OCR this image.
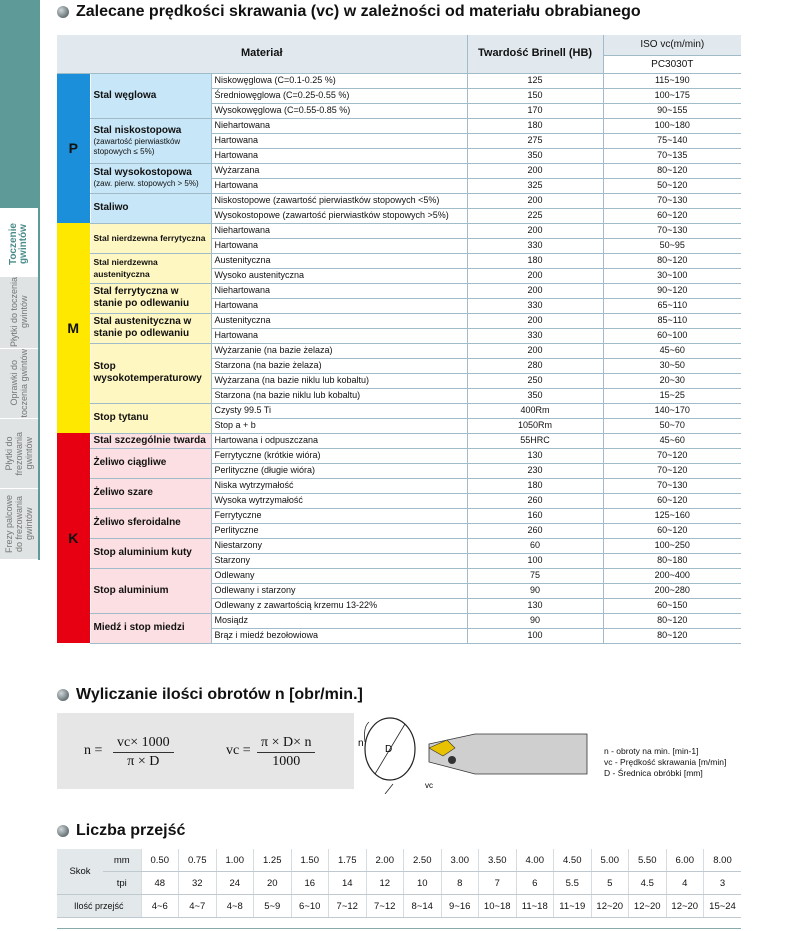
Toczenie
gwintów
Płytki do toczenia
gwintów
Oprawki do
toczenia gwintów
Płytki do
frezowania
gwintów
Frezy palcowe
do frezowania
gwintów
Zalecane prędkości skrawania (vc) w zależności od materiału obrabianego
Materiał			Twardość Brinell (HB)	ISO vc(m/min)
				PC3030T
P	Stal węglowa	Niskowęglowa (C=0.1-0.25 %)	125	115~190
		Średniowęglowa (C=0.25-0.55 %)	150	100~175
		Wysokowęglowa (C=0.55-0.85 %)	170	90~155
	Stal niskostopowa
(zawartość pierwiastków stopowych ≤ 5%)	Niehartowana	180	100~180
		Hartowana	275	75~140
		Hartowana	350	70~135
	Stal wysokostopowa
(zaw. pierw. stopowych > 5%)	Wyżarzana	200	80~120
		Hartowana	325	50~120
	Staliwo	Niskostopowe (zawartość pierwiastków stopowych <5%)	200	70~130
		Wysokostopowe (zawartość pierwiastków stopowych >5%)	225	60~120
M	Stal nierdzewna ferrytyczna	Niehartowana	200	70~130
		Hartowana	330	50~95
	Stal nierdzewna austenityczna	Austenityczna	180	80~120
		Wysoko austenityczna	200	30~100
	Stal ferrytyczna w stanie po odlewaniu	Niehartowana	200	90~120
		Hartowana	330	65~110
	Stal austenityczna w stanie po odlewaniu	Austenityczna	200	85~110
		Hartowana	330	60~100
	Stop wysokotemperaturowy	Wyżarzanie (na bazie żelaza)	200	45~60
		Starzona (na bazie żelaza)	280	30~50
		Wyżarzana (na bazie niklu lub kobaltu)	250	20~30
		Starzona (na bazie niklu lub kobaltu)	350	15~25
	Stop tytanu	Czysty 99.5 Ti	400Rm	140~170
		Stop a + b	1050Rm	50~70
K	Stal szczególnie twarda	Hartowana i odpuszczana	55HRC	45~60
	Żeliwo ciągliwe	Ferrytyczne (krótkie wióra)	130	70~120
		Perlityczne (długie wióra)	230	70~120
	Żeliwo szare	Niska wytrzymałość	180	70~130
		Wysoka wytrzymałość	260	60~120
	Żeliwo sferoidalne	Ferrytyczne	160	125~160
		Perlityczne	260	60~120
	Stop aluminium kuty	Niestarzony	60	100~250
		Starzony	100	80~180
	Stop aluminium	Odlewany	75	200~400
		Odlewany i starzony	90	200~280
		Odlewany z zawartością krzemu 13-22%	130	60~150
	Miedź i stop miedzi	Mosiądz	90	80~120
		Brąz i miedź bezołowiowa	100	80~120
Wyliczanie ilości obrotów n [obr/min.]
$n = \frac{vc\times 1000}{\pi \times D}$	vc = $\frac{\pi \times D\times n}{1000}$	n
D
vc
n - obroty na min. [min-1]
vc - Prędkość skrawania [m/min]
D - Średnica obróbki [mm]
Liczba przejść
Skok	mm	0.50	0.75	1.00	1.25	1.50	1.75	2.00	2.50	3.00	3.50	4.00	4.50	5.00	5.50	6.00	8.00
	tpi	48	32	24	20	16	14	12	10	8	7	6	5.5	5	4.5	4	3
Ilość przejść		4~6	4~7	4~8	5~9	6~10	7~12	7~12	8~14	9~16	10~18	11~18	11~19	12~20	12~20	12~20	15~24
